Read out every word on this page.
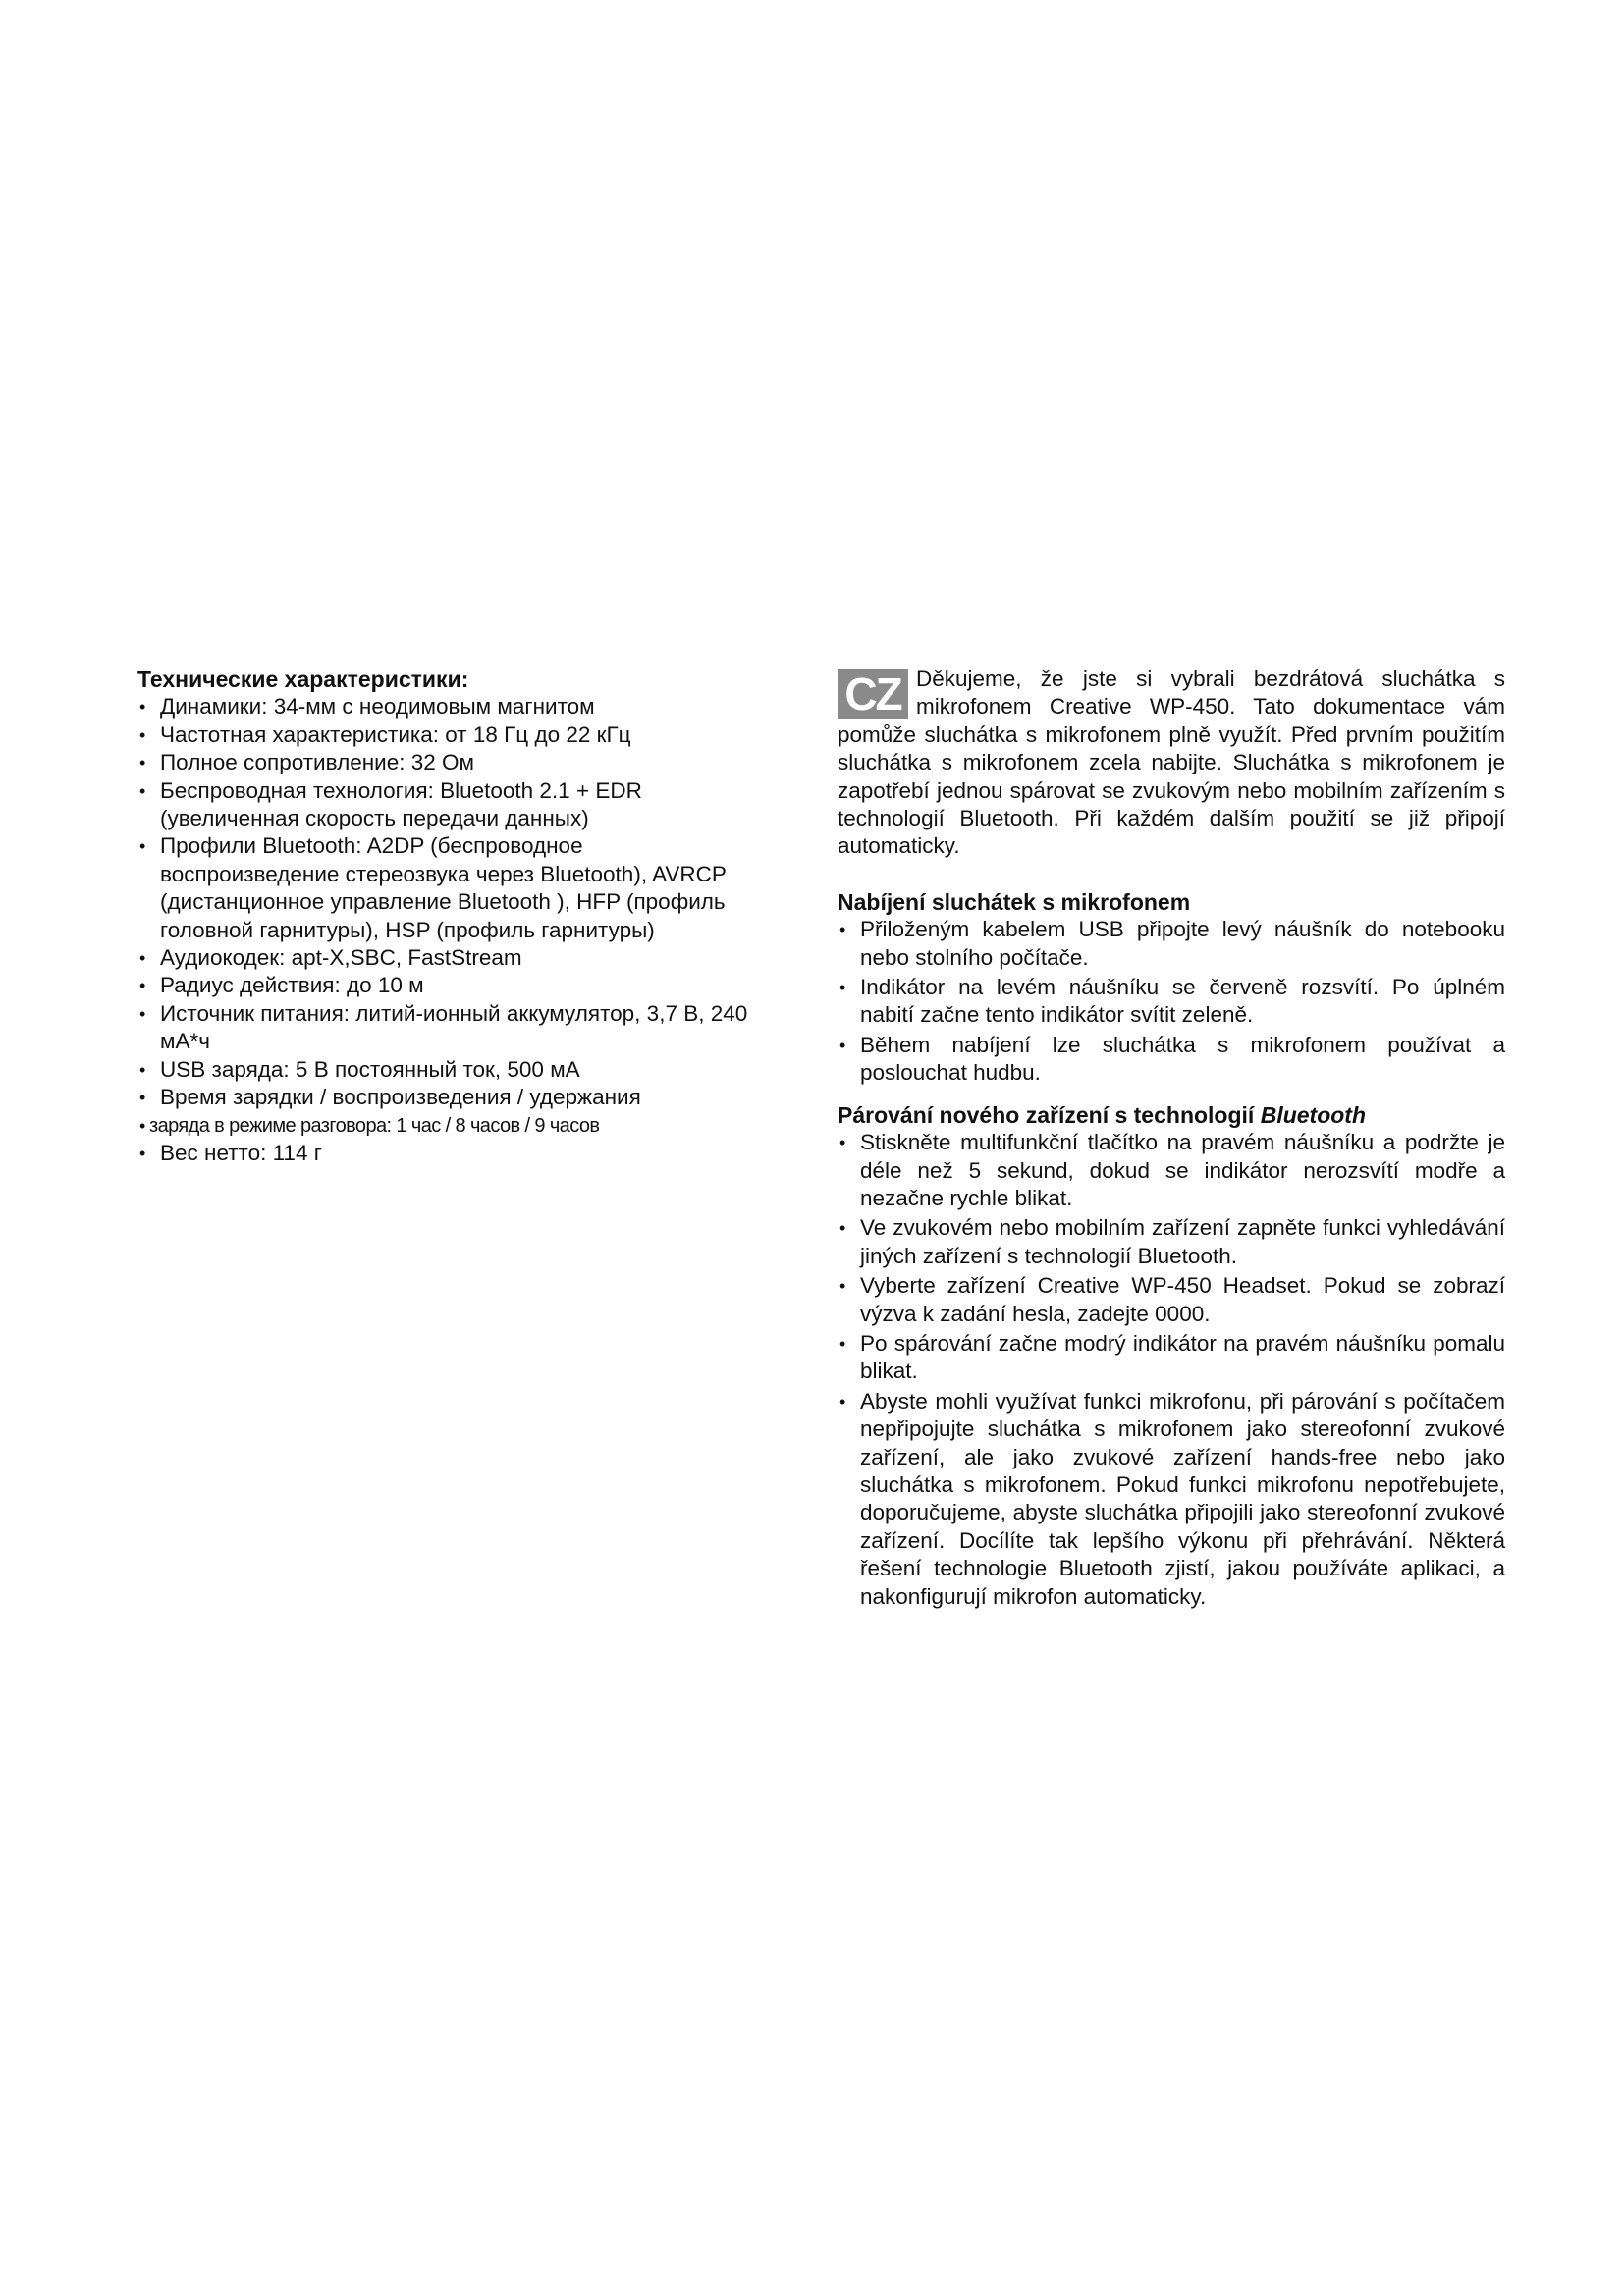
Технические характеристики:
• Динамики: 34-мм с неодимовым магнитом
• Частотная характеристика: от 18 Гц до 22 кГц
• Полное сопротивление: 32 Ом
• Беспроводная технология: Bluetooth 2.1 + EDR (увеличенная скорость передачи данных)
• Профили Bluetooth: A2DP (беспроводное воспроизведение стереозвука через Bluetooth), AVRCP (дистанционное управление Bluetooth ), HFP (профиль головной гарнитуры), HSP (профиль гарнитуры)
• Аудиокодек: apt-X,SBC, FastStream
• Радиус действия: до 10 м
• Источник питания: литий-ионный аккумулятор, 3,7 В, 240 мА*ч
• USB заряда: 5 В постоянный ток, 500 мА
• Время зарядки / воспроизведения / удержания
• заряда в режиме разговора: 1 час / 8 часов / 9 часов
• Вес нетто: 114 г
CZ Děkujeme, že jste si vybrali bezdrátová sluchátka s mikrofonem Creative WP-450. Tato dokumentace vám pomůže sluchátka s mikrofonem plně využít. Před prvním použitím sluchátka s mikrofonem zcela nabijte. Sluchátka s mikrofonem je zapotřebí jednou spárovat se zvukovým nebo mobilním zařízením s technologií Bluetooth. Při každém dalším použití se již připojí automaticky.
Nabíjení sluchátek s mikrofonem
• Přiloženým kabelem USB připojte levý náušník do notebooku nebo stolního počítače.
• Indikátor na levém náušníku se červeně rozsvítí. Po úplném nabití začne tento indikátor svítit zeleně.
• Během nabíjení lze sluchátka s mikrofonem používat a poslouchat hudbu.
Párování nového zařízení s technologií Bluetooth
• Stiskněte multifunkční tlačítko na pravém náušníku a podržte je déle než 5 sekund, dokud se indikátor nerozsvítí modře a nezačne rychle blikat.
• Ve zvukovém nebo mobilním zařízení zapněte funkci vyhledávání jiných zařízení s technologií Bluetooth.
• Vyberte zařízení Creative WP-450 Headset. Pokud se zobrazí výzva k zadání hesla, zadejte 0000.
• Po spárování začne modrý indikátor na pravém náušníku pomalu blikat.
• Abyste mohli využívat funkci mikrofonu, při párování s počítačem nepřipojujte sluchátka s mikrofonem jako stereofonní zvukové zařízení, ale jako zvukové zařízení hands-free nebo jako sluchátka s mikrofonem. Pokud funkci mikrofonu nepotřebujete, doporučujeme, abyste sluchátka připojili jako stereofonní zvukové zařízení. Docílíte tak lepšího výkonu při přehrávání. Některá řešení technologie Bluetooth zjistí, jakou používáte aplikaci, a nakonfigurují mikrofon automaticky.
